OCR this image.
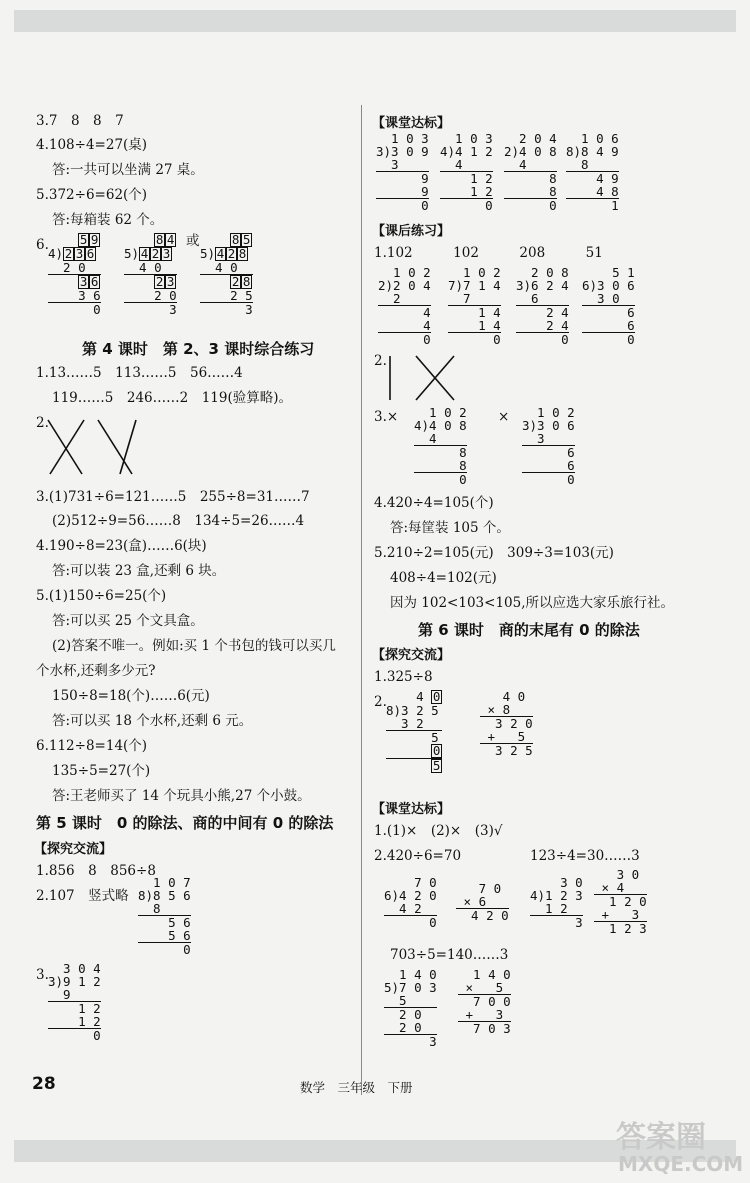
3.7　8　8　7
4.108÷4=27(桌)
答:一共可以坐满 27 桌。
5.372÷6=62(个)
答:每箱装 62 个。
6.	或
5 9
4) 2 3 6
2 0
3 6
3 6
0
8 4
5) 4 2 3
4 0
2 3
2 0
3
8 5
5) 4 2 8
4 0
2 8
2 5
3
第 4 课时　第 2、3 课时综合练习
1.13……5　113……5　56……4
119……5　246……2　119(验算略)。
2.
3.(1)731÷6=121……5　255÷8=31……7
(2)512÷9=56……8　134÷5=26……4
4.190÷8=23(盒)……6(块)
答:可以装 23 盒,还剩 6 块。
5.(1)150÷6=25(个)
答:可以买 25 个文具盒。
(2)答案不唯一。例如:买 1 个书包的钱可以买几
个水杯,还剩多少元?
150÷8=18(个)……6(元)
答:可以买 18 个水杯,还剩 6 元。
6.112÷8=14(个)
135÷5=27(个)
答:王老师买了 14 个玩具小熊,27 个小鼓。
第 5 课时　0 的除法、商的中间有 0 的除法
【探究交流】
1.856　8　856÷8
2.107　竖式略
1 0 7
8)8 5 6
8
5 6
5 6
0
3. 3 0 4
3)9 1 2
9
1 2
1 2
0
【课堂达标】
1 0 3
3)3 0 9
3
9
9
0
1 0 3
4)4 1 2
4
1 2
1 2
0
2 0 4
2)4 0 8
4
8
8
0
1 0 6
8)8 4 9
8
4 9
4 8
1
【课后练习】
1.102　　　102　　　208　　　51
1 0 2
2)2 0 4
2
4
4
0
1 0 2
7)7 1 4
7
1 4
1 4
0
2 0 8
3)6 2 4
6
2 4
2 4
0
5 1
6)3 0 6
3 0
6
6
0
2.
3.× 1 0 2
4)4 0 8
4
8
8
0
× 1 0 2
3)3 0 6
3
6
6
0
4.420÷4=105(个)
答:每筐装 105 个。
5.210÷2=105(元)　309÷3=103(元)
408÷4=102(元)
因为 102<103<105,所以应选大家乐旅行社。
第 6 课时　商的末尾有 0 的除法
【探究交流】
1.325÷8
2. 4 0
8)3 2 5
3 2
5
0
5
4 0
× 8
3 2 0
+   5
3 2 5
【课堂达标】
1.(1)×　(2)×　(3)√
2.420÷6=70	123÷4=30……3
7 0
6)4 2 0
4 2
0
7 0
× 6
4 2 0
3 0
4)1 2 3
1 2
3
3 0
× 4
1 2 0
+   3
1 2 3
703÷5=140……3
1 4 0
5)7 0 3
5
2 0
2 0
3
1 4 0
×   5
7 0 0
+   3
7 0 3
28	数学　三年级　下册
答案圈
MXQE.COM
